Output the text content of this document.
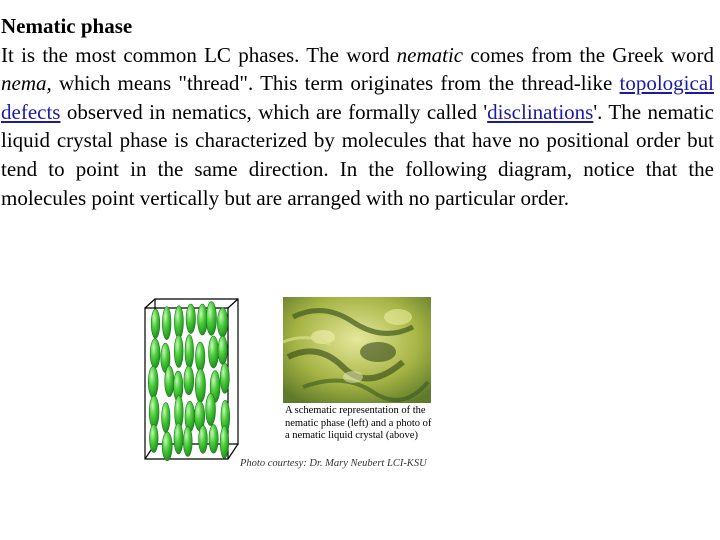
Nematic phase

It is the most common LC phases. The word nematic comes from the Greek word nema, which means "thread". This term originates from the thread-like topological defects observed in nematics, which are formally called 'disclinations'. The nematic liquid crystal phase is characterized by molecules that have no positional order but tend to point in the same direction. In the following diagram, notice that the molecules point vertically but are arranged with no particular order.

A schematic representation of the nematic phase (left) and a photo of a nematic liquid crystal (above)
Photo courtesy: Dr. Mary Neubert LCI-KSU
